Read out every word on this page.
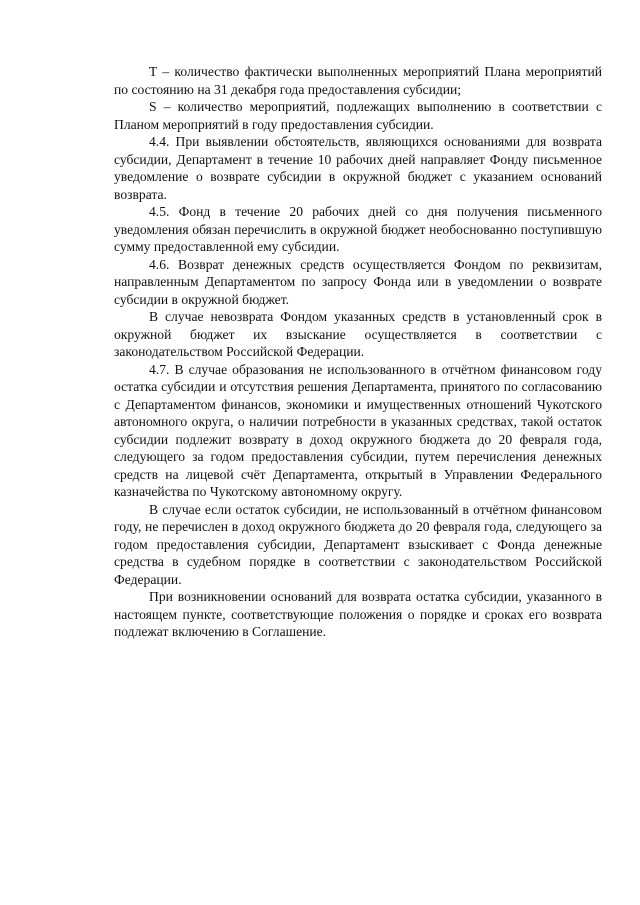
T – количество фактически выполненных мероприятий Плана мероприятий по состоянию на 31 декабря года предоставления субсидии;

S – количество мероприятий, подлежащих выполнению в соответствии с Планом мероприятий в году предоставления субсидии.

4.4. При выявлении обстоятельств, являющихся основаниями для возврата субсидии, Департамент в течение 10 рабочих дней направляет Фонду письменное уведомление о возврате субсидии в окружной бюджет с указанием оснований возврата.

4.5. Фонд в течение 20 рабочих дней со дня получения письменного уведомления обязан перечислить в окружной бюджет необоснованно поступившую сумму предоставленной ему субсидии.

4.6. Возврат денежных средств осуществляется Фондом по реквизитам, направленным Департаментом по запросу Фонда или в уведомлении о возврате субсидии в окружной бюджет.

В случае невозврата Фондом указанных средств в установленный срок в окружной бюджет их взыскание осуществляется в соответствии с законодательством Российской Федерации.

4.7. В случае образования не использованного в отчётном финансовом году остатка субсидии и отсутствия решения Департамента, принятого по согласованию с Департаментом финансов, экономики и имущественных отношений Чукотского автономного округа, о наличии потребности в указанных средствах, такой остаток субсидии подлежит возврату в доход окружного бюджета до 20 февраля года, следующего за годом предоставления субсидии, путем перечисления денежных средств на лицевой счёт Департамента, открытый в Управлении Федерального казначейства по Чукотскому автономному округу.

В случае если остаток субсидии, не использованный в отчётном финансовом году, не перечислен в доход окружного бюджета до 20 февраля года, следующего за годом предоставления субсидии, Департамент взыскивает с Фонда денежные средства в судебном порядке в соответствии с законодательством Российской Федерации.

При возникновении оснований для возврата остатка субсидии, указанного в настоящем пункте, соответствующие положения о порядке и сроках его возврата подлежат включению в Соглашение.
